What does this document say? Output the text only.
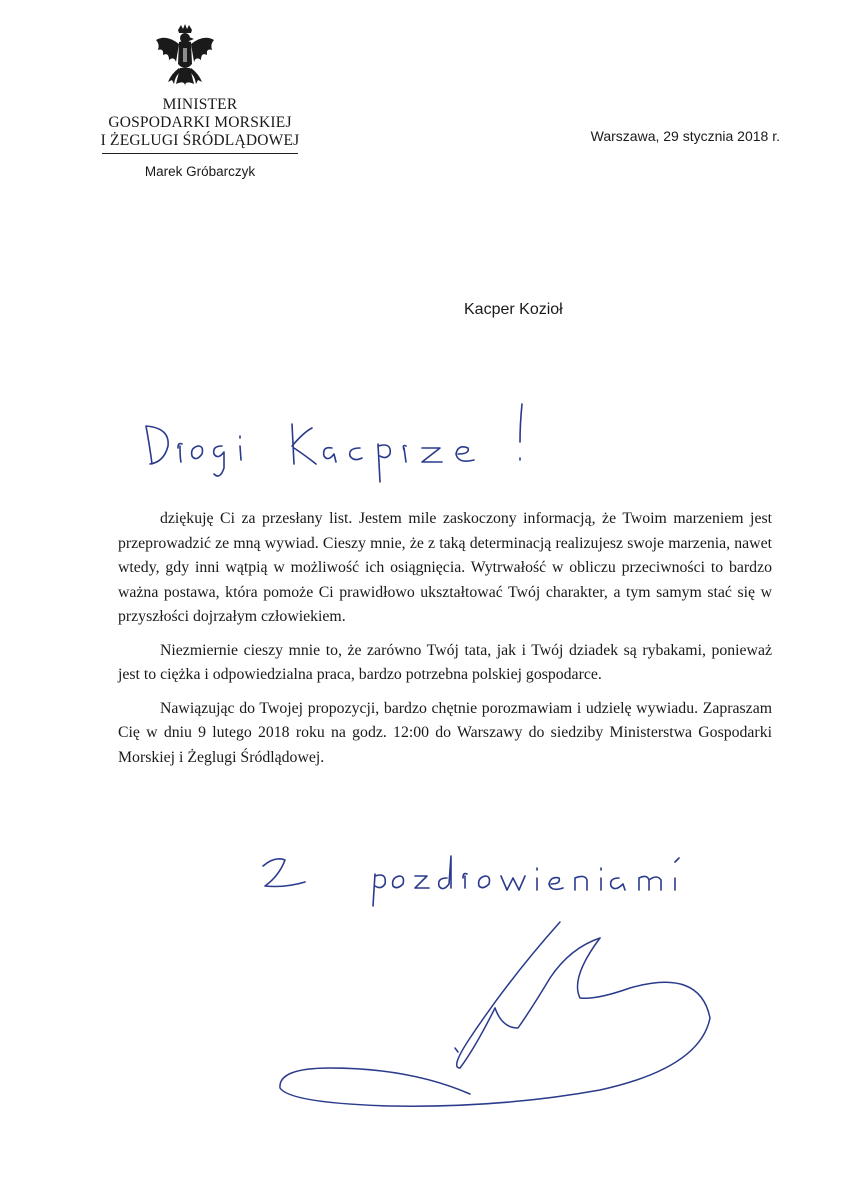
MINISTER
GOSPODARKI MORSKIEJ
I ŻEGLUGI ŚRÓDLĄDOWEJ
Marek Gróbarczyk
Warszawa, 29 stycznia 2018 r.
Kacper Kozioł

dziękuję Ci za przesłany list. Jestem mile zaskoczony informacją, że Twoim marzeniem jest przeprowadzić ze mną wywiad. Cieszy mnie, że z taką determinacją realizujesz swoje marzenia, nawet wtedy, gdy inni wątpią w możliwość ich osiągnięcia. Wytrwałość w obliczu przeciwności to bardzo ważna postawa, która pomoże Ci prawidłowo ukształtować Twój charakter, a tym samym stać się w przyszłości dojrzałym człowiekiem.

Niezmiernie cieszy mnie to, że zarówno Twój tata, jak i Twój dziadek są rybakami, ponieważ jest to ciężka i odpowiedzialna praca, bardzo potrzebna polskiej gospodarce.

Nawiązując do Twojej propozycji, bardzo chętnie porozmawiam i udzielę wywiadu. Zapraszam Cię w dniu 9 lutego 2018 roku na godz. 12:00 do Warszawy do siedziby Ministerstwa Gospodarki Morskiej i Żeglugi Śródlądowej.
